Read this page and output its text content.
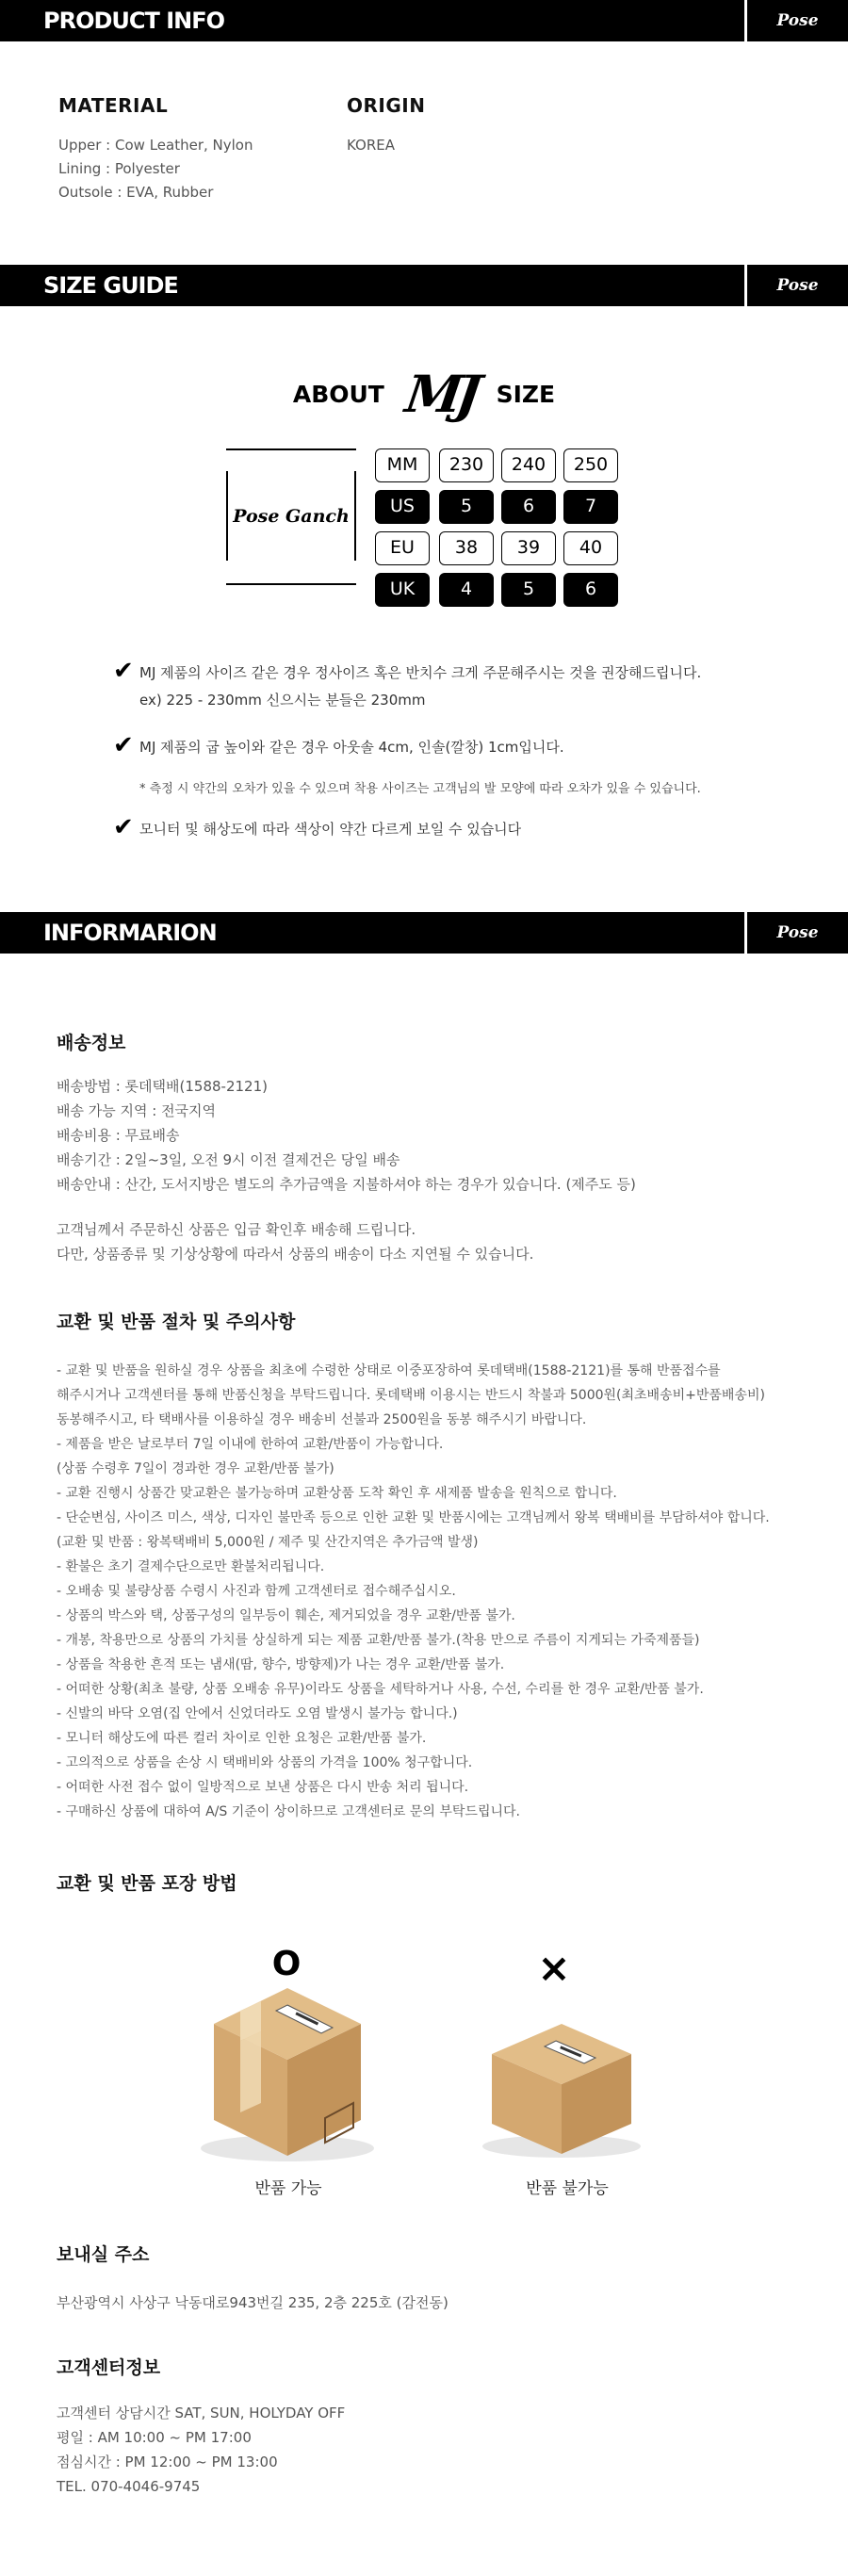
PRODUCT INFO	Pose Ganch
MATERIAL
Upper : Cow Leather, Nylon
Lining : Polyester
Outsole : EVA, Rubber
ORIGIN
KOREA
SIZE GUIDE	Pose Ganch
ABOUT MJ SIZE
Pose Ganch
MM	230	240	250
US	5	6	7
EU	38	39	40
UK	4	5	6
✔ MJ 제품의 사이즈 같은 경우 정사이즈 혹은 반치수 크게 주문해주시는 것을 권장해드립니다.
ex) 225 - 230mm 신으시는 분들은 230mm
✔ MJ 제품의 굽 높이와 같은 경우 아웃솔 4cm, 인솔(깔창) 1cm입니다.
* 측정 시 약간의 오차가 있을 수 있으며 착용 사이즈는 고객님의 발 모양에 따라 오차가 있을 수 있습니다.
✔ 모니터 및 해상도에 따라 색상이 약간 다르게 보일 수 있습니다
INFORMARION	Pose Ganch
배송정보
배송방법 : 롯데택배(1588-2121)
배송 가능 지역 : 전국지역
배송비용 : 무료배송
배송기간 : 2일~3일, 오전 9시 이전 결제건은 당일 배송
배송안내 : 산간, 도서지방은 별도의 추가금액을 지불하셔야 하는 경우가 있습니다. (제주도 등)
고객님께서 주문하신 상품은 입금 확인후 배송해 드립니다.
다만, 상품종류 및 기상상황에 따라서 상품의 배송이 다소 지연될 수 있습니다.
교환 및 반품 절차 및 주의사항
- 교환 및 반품을 원하실 경우 상품을 최초에 수령한 상태로 이중포장하여 롯데택배(1588-2121)를 통해 반품접수를
해주시거나 고객센터를 통해 반품신청을 부탁드립니다. 롯데택배 이용시는 반드시 착불과 5000원(최초배송비+반품배송비)
동봉해주시고, 타 택배사를 이용하실 경우 배송비 선불과 2500원을 동봉 해주시기 바랍니다.
- 제품을 받은 날로부터 7일 이내에 한하여 교환/반품이 가능합니다.
(상품 수령후 7일이 경과한 경우 교환/반품 불가)
- 교환 진행시 상품간 맞교환은 불가능하며 교환상품 도착 확인 후 새제품 발송을 원칙으로 합니다.
- 단순변심, 사이즈 미스, 색상, 디자인 불만족 등으로 인한 교환 및 반품시에는 고객님께서 왕복 택배비를 부담하셔야 합니다.
(교환 및 반품 : 왕복택배비 5,000원 / 제주 및 산간지역은 추가금액 발생)
- 환불은 초기 결제수단으로만 환불처리됩니다.
- 오배송 및 불량상품 수령시 사진과 함께 고객센터로 접수해주십시오.
- 상품의 박스와 택, 상품구성의 일부등이 훼손, 제거되었을 경우 교환/반품 불가.
- 개봉, 착용만으로 상품의 가치를 상실하게 되는 제품 교환/반품 불가.(착용 만으로 주름이 지게되는 가죽제품들)
- 상품을 착용한 흔적 또는 냄새(땀, 향수, 방향제)가 나는 경우 교환/반품 불가.
- 어떠한 상황(최초 불량, 상품 오배송 유무)이라도 상품을 세탁하거나 사용, 수선, 수리를 한 경우 교환/반품 불가.
- 신발의 바닥 오염(집 안에서 신었더라도 오염 발생시 불가능 합니다.)
- 모니터 해상도에 따른 컬러 차이로 인한 요청은 교환/반품 불가.
- 고의적으로 상품을 손상 시 택배비와 상품의 가격을 100% 청구합니다.
- 어떠한 사전 접수 없이 일방적으로 보낸 상품은 다시 반송 처리 됩니다.
- 구매하신 상품에 대하여 A/S 기준이 상이하므로 고객센터로 문의 부탁드립니다.
교환 및 반품 포장 방법
O
반품 가능
×
반품 불가능
보내실 주소
부산광역시 사상구 낙동대로943번길 235, 2층 225호 (감전동)
고객센터정보
고객센터 상담시간 SAT, SUN, HOLYDAY OFF
평일 : AM 10:00 ~ PM 17:00
점심시간 : PM 12:00 ~ PM 13:00
TEL. 070-4046-9745
